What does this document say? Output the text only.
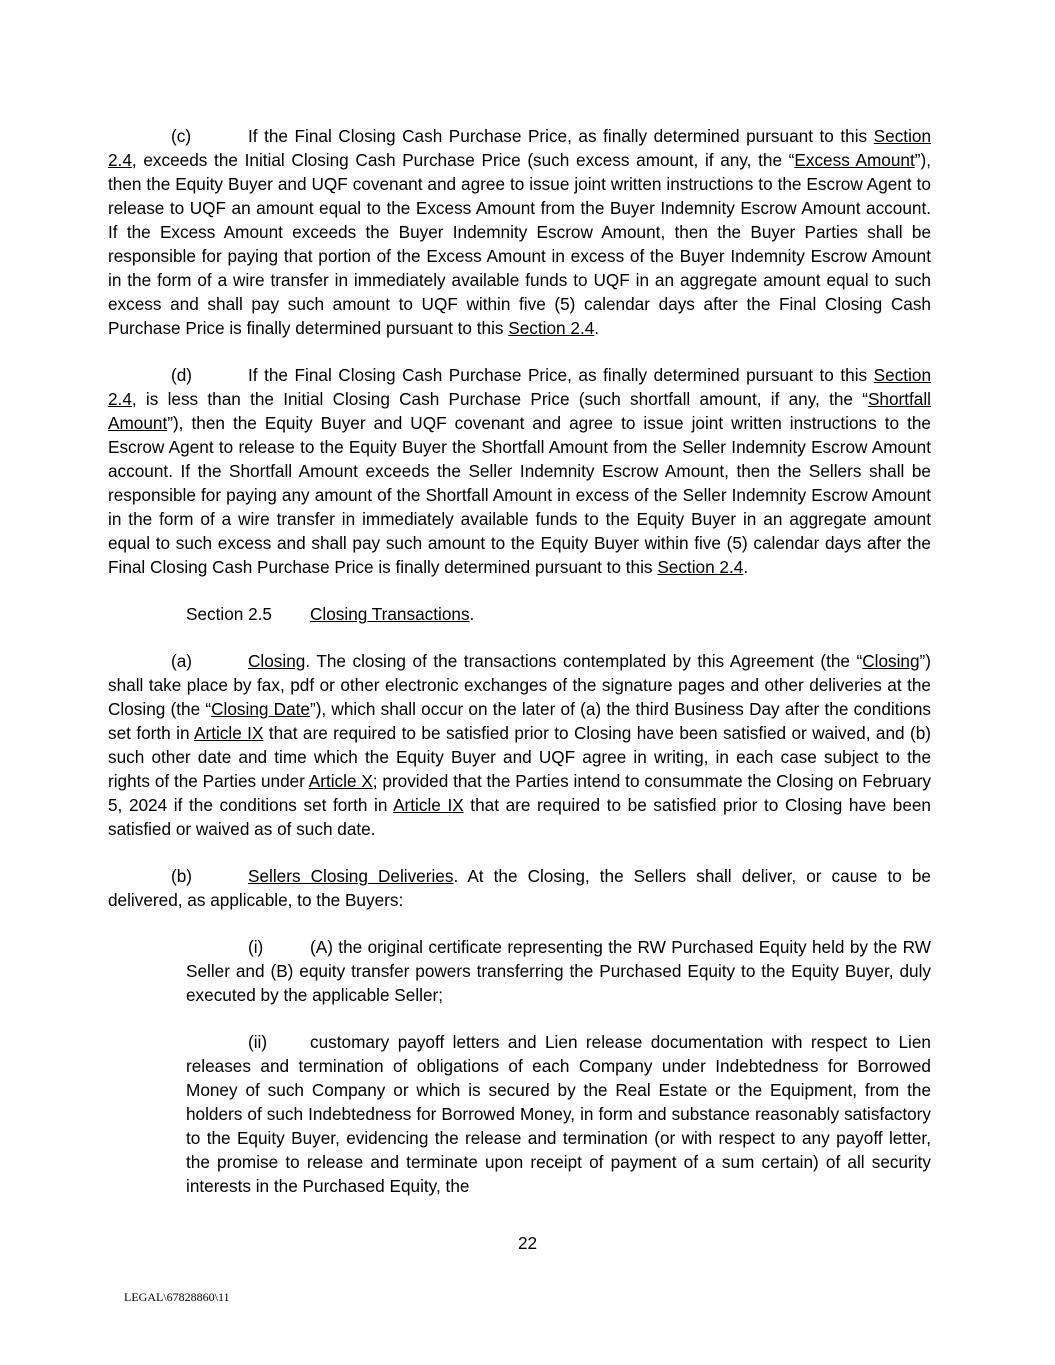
(c)	If the Final Closing Cash Purchase Price, as finally determined pursuant to this Section 2.4, exceeds the Initial Closing Cash Purchase Price (such excess amount, if any, the “Excess Amount”), then the Equity Buyer and UQF covenant and agree to issue joint written instructions to the Escrow Agent to release to UQF an amount equal to the Excess Amount from the Buyer Indemnity Escrow Amount account. If the Excess Amount exceeds the Buyer Indemnity Escrow Amount, then the Buyer Parties shall be responsible for paying that portion of the Excess Amount in excess of the Buyer Indemnity Escrow Amount in the form of a wire transfer in immediately available funds to UQF in an aggregate amount equal to such excess and shall pay such amount to UQF within five (5) calendar days after the Final Closing Cash Purchase Price is finally determined pursuant to this Section 2.4.

(d)	If the Final Closing Cash Purchase Price, as finally determined pursuant to this Section 2.4, is less than the Initial Closing Cash Purchase Price (such shortfall amount, if any, the “Shortfall Amount”), then the Equity Buyer and UQF covenant and agree to issue joint written instructions to the Escrow Agent to release to the Equity Buyer the Shortfall Amount from the Seller Indemnity Escrow Amount account. If the Shortfall Amount exceeds the Seller Indemnity Escrow Amount, then the Sellers shall be responsible for paying any amount of the Shortfall Amount in excess of the Seller Indemnity Escrow Amount in the form of a wire transfer in immediately available funds to the Equity Buyer in an aggregate amount equal to such excess and shall pay such amount to the Equity Buyer within five (5) calendar days after the Final Closing Cash Purchase Price is finally determined pursuant to this Section 2.4.

Section 2.5 Closing Transactions.

(a)	Closing. The closing of the transactions contemplated by this Agreement (the “Closing”) shall take place by fax, pdf or other electronic exchanges of the signature pages and other deliveries at the Closing (the “Closing Date”), which shall occur on the later of (a) the third Business Day after the conditions set forth in Article IX that are required to be satisfied prior to Closing have been satisfied or waived, and (b) such other date and time which the Equity Buyer and UQF agree in writing, in each case subject to the rights of the Parties under Article X; provided that the Parties intend to consummate the Closing on February 5, 2024 if the conditions set forth in Article IX that are required to be satisfied prior to Closing have been satisfied or waived as of such date.

(b)	Sellers Closing Deliveries. At the Closing, the Sellers shall deliver, or cause to be delivered, as applicable, to the Buyers:

(i)	(A) the original certificate representing the RW Purchased Equity held by the RW Seller and (B) equity transfer powers transferring the Purchased Equity to the Equity Buyer, duly executed by the applicable Seller;

(ii) customary payoff letters and Lien release documentation with respect to Lien releases and termination of obligations of each Company under Indebtedness for Borrowed Money of such Company or which is secured by the Real Estate or the Equipment, from the holders of such Indebtedness for Borrowed Money, in form and substance reasonably satisfactory to the Equity Buyer, evidencing the release and termination (or with respect to any payoff letter, the promise to release and terminate upon receipt of payment of a sum certain) of all security interests in the Purchased Equity, the

22
LEGAL\67828860\11
